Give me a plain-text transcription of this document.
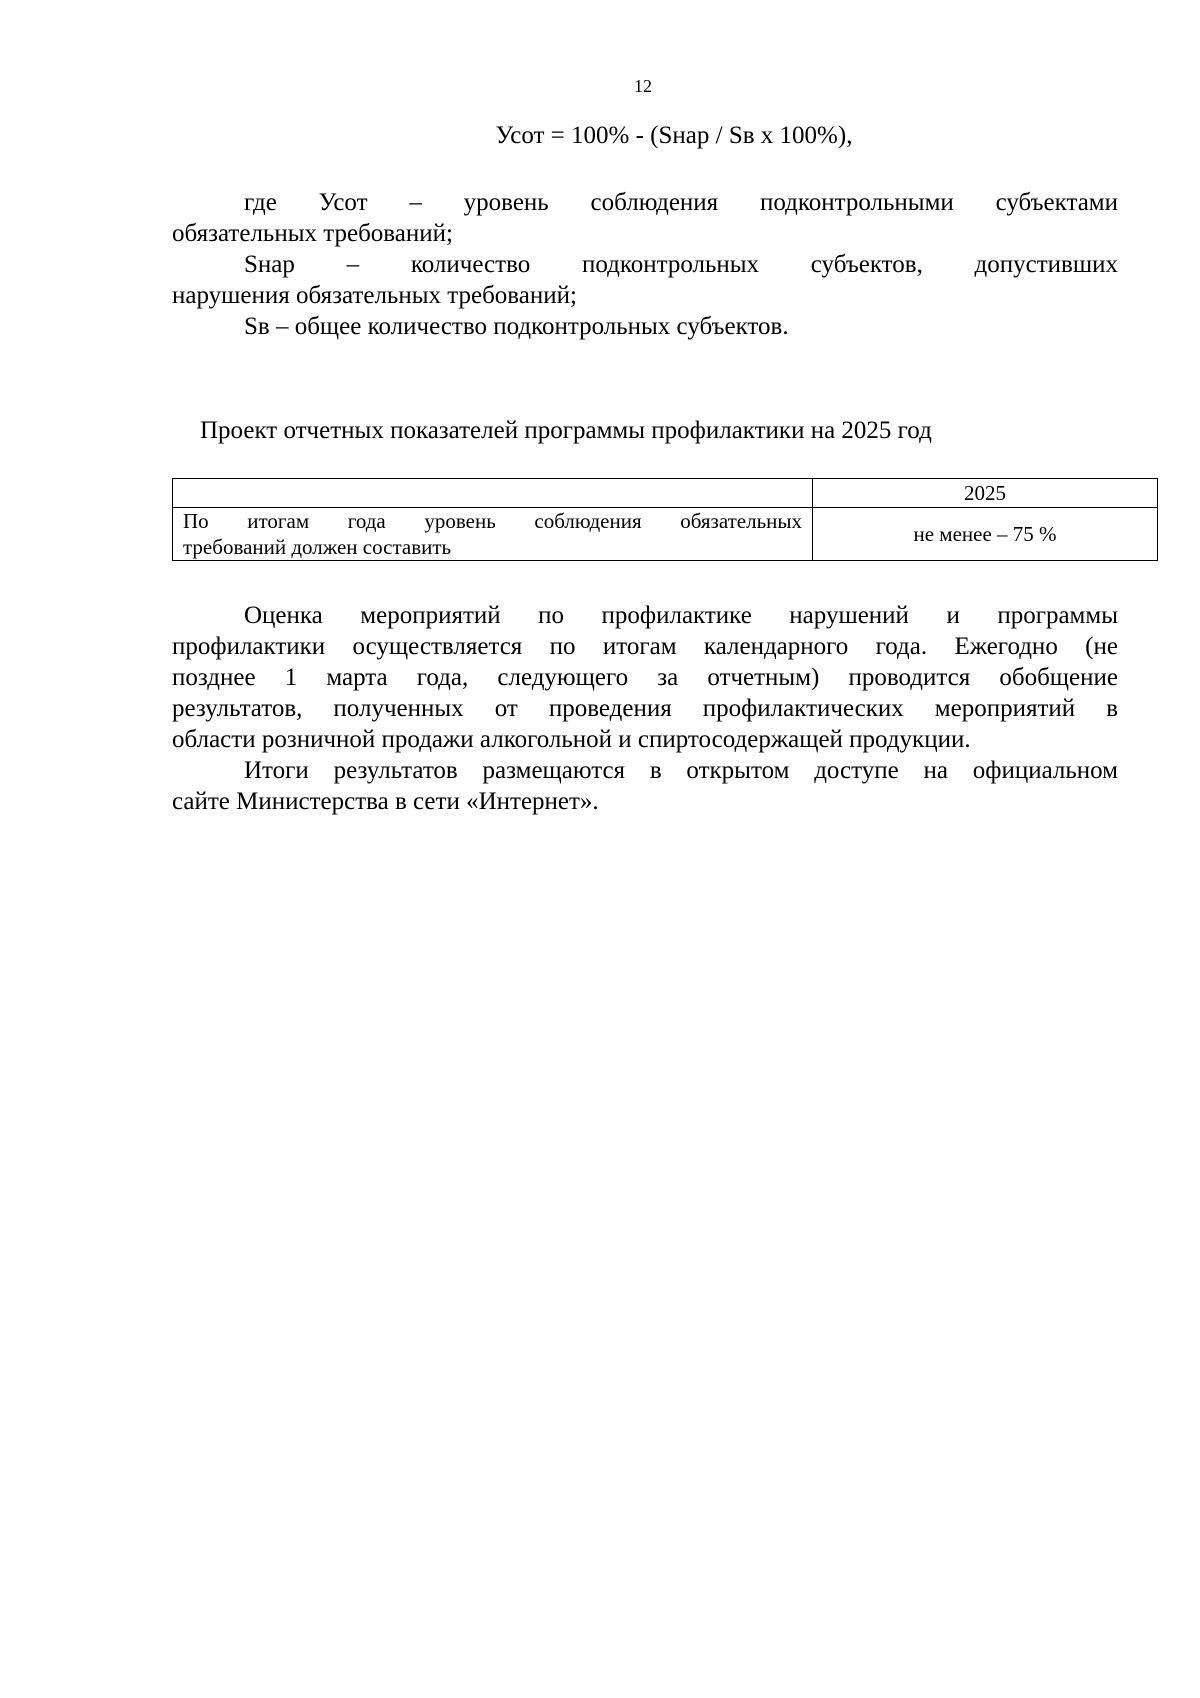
12
Усот = 100% - (Sнар / Sв х 100%),
где Усот – уровень соблюдения подконтрольными субъектами
обязательных требований;
Sнар – количество подконтрольных субъектов, допустивших
нарушения обязательных требований;
Sв – общее количество подконтрольных субъектов.
Проект отчетных показателей программы профилактики на 2025 год
	2025

По итогам года уровень соблюдения обязательных
требований должен составить	не менее – 75 %
Оценка мероприятий по профилактике нарушений и программы
профилактики осуществляется по итогам календарного года. Ежегодно (не
позднее 1 марта года, следующего за отчетным) проводится обобщение
результатов, полученных от проведения профилактических мероприятий в
области розничной продажи алкогольной и спиртосодержащей продукции.
Итоги результатов размещаются в открытом доступе на официальном
сайте Министерства в сети «Интернет».
